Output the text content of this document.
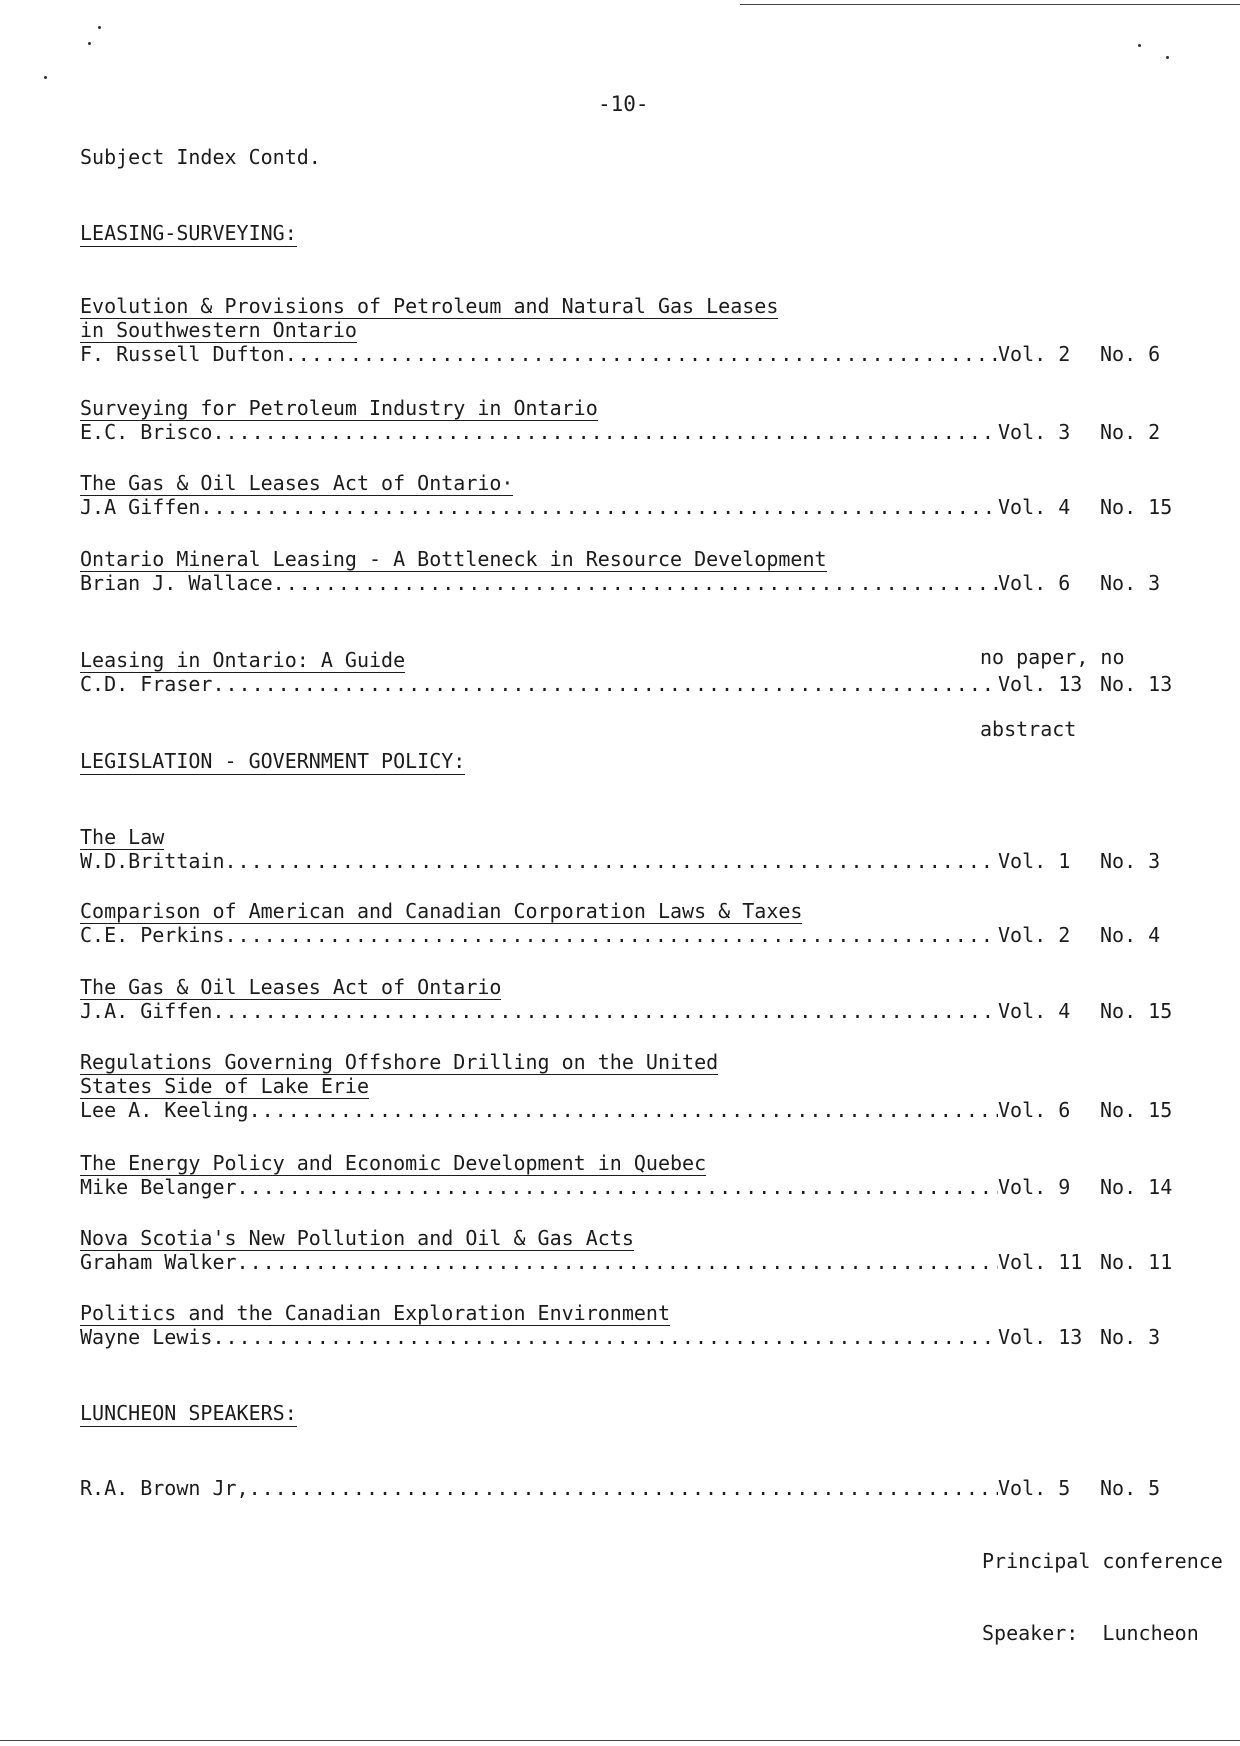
-10-
Subject Index Contd.
LEASING-SURVEYING:
Evolution & Provisions of Petroleum and Natural Gas Leases
in Southwestern Ontario
F. Russell Dufton .....	Vol. 2	No. 6
Surveying for Petroleum Industry in Ontario
E.C. Brisco .....	Vol. 3	No. 2
The Gas & Oil Leases Act of Ontario·
J.A Giffen .....	Vol. 4	No. 15
Ontario Mineral Leasing - A Bottleneck in Resource Development
Brian J. Wallace .....	Vol. 6	No. 3

no paper, no

abstract

Leasing in Ontario: A Guide
C.D. Fraser .....	Vol. 13 No. 13
LEGISLATION - GOVERNMENT POLICY:
The Law
W.D.Brittain .....	Vol. 1	No. 3
Comparison of American and Canadian Corporation Laws & Taxes
C.E. Perkins .....	Vol. 2	No. 4
The Gas & Oil Leases Act of Ontario
J.A. Giffen .....	Vol. 4	No. 15
Regulations Governing Offshore Drilling on the United
States Side of Lake Erie
Lee A. Keeling .....	Vol. 6	No. 15
The Energy Policy and Economic Development in Quebec
Mike Belanger .....	Vol. 9	No. 14
Nova Scotia's New Pollution and Oil & Gas Acts
Graham Walker .....	Vol. 11 No. 11
Politics and the Canadian Exploration Environment
Wayne Lewis .....	Vol. 13 No. 3
LUNCHEON SPEAKERS:
R.A. Brown Jr, .....	Vol. 5	No. 5

Principal conference

Speaker:  Luncheon
